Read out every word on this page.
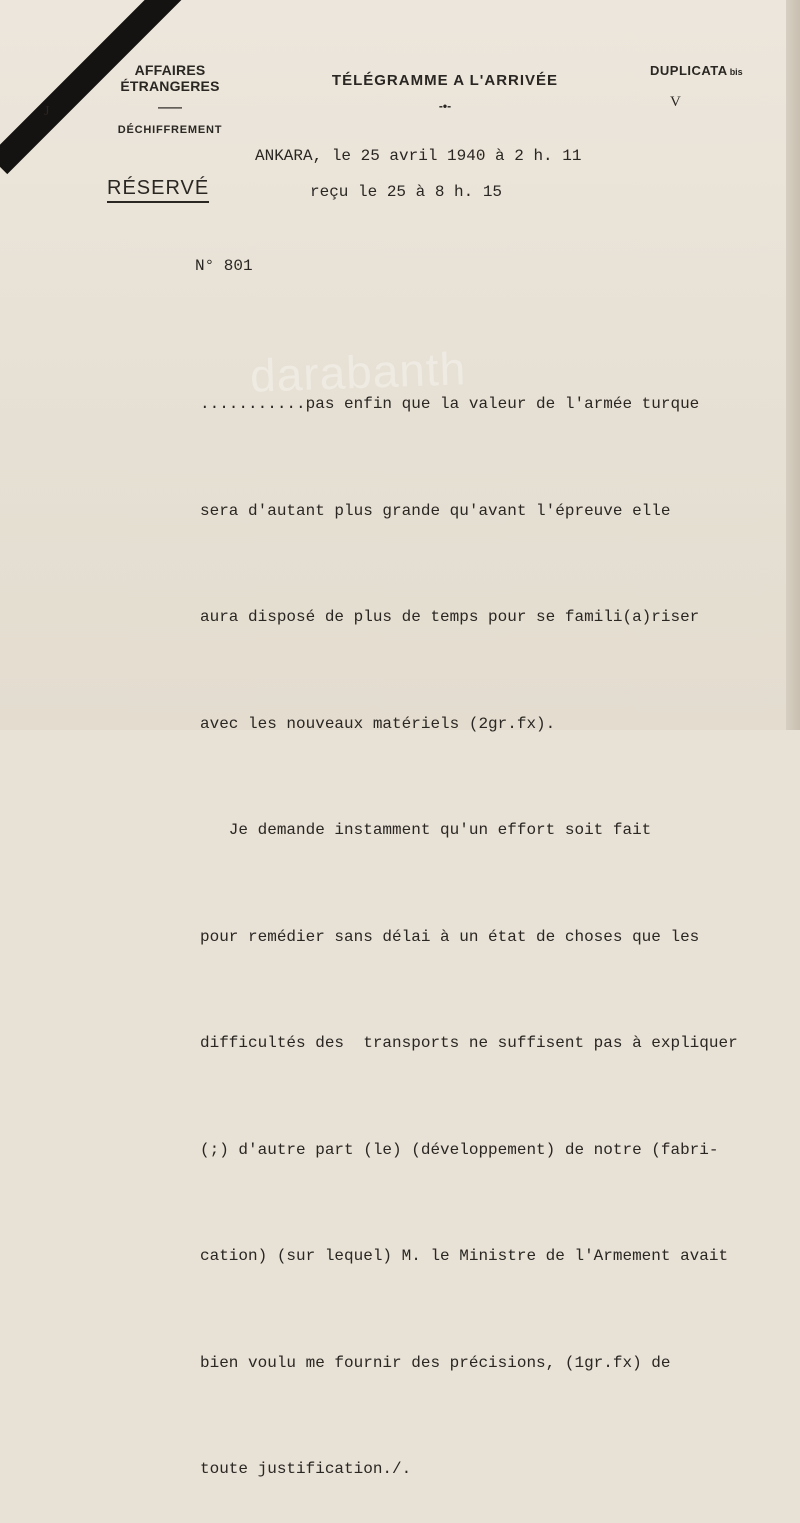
AFFAIRES ÉTRANGERES
——
DÉCHIFFREMENT
J
TÉLÉGRAMME A L'ARRIVÉE
-•-
DUPLICATA bis
V
ANKARA, le 25 avril 1940 à 2 h. 11
RÉSERVÉ	reçu le 25 à 8 h. 15
N° 801

...........pas enfin que la valeur de l'armée turque

sera d'autant plus grande qu'avant l'épreuve elle

aura disposé de plus de temps pour se famili(a)riser

avec les nouveaux matériels (2gr.fx).

Je demande instamment qu'un effort soit fait

pour remédier sans délai à un état de choses que les

difficultés des  transports ne suffisent pas à expliquer

(;) d'autre part (le) (développement) de notre (fabri-

cation) (sur lequel) M. le Ministre de l'Armement avait

bien voulu me fournir des précisions, (1gr.fx) de

toute justification./.

darabanth
